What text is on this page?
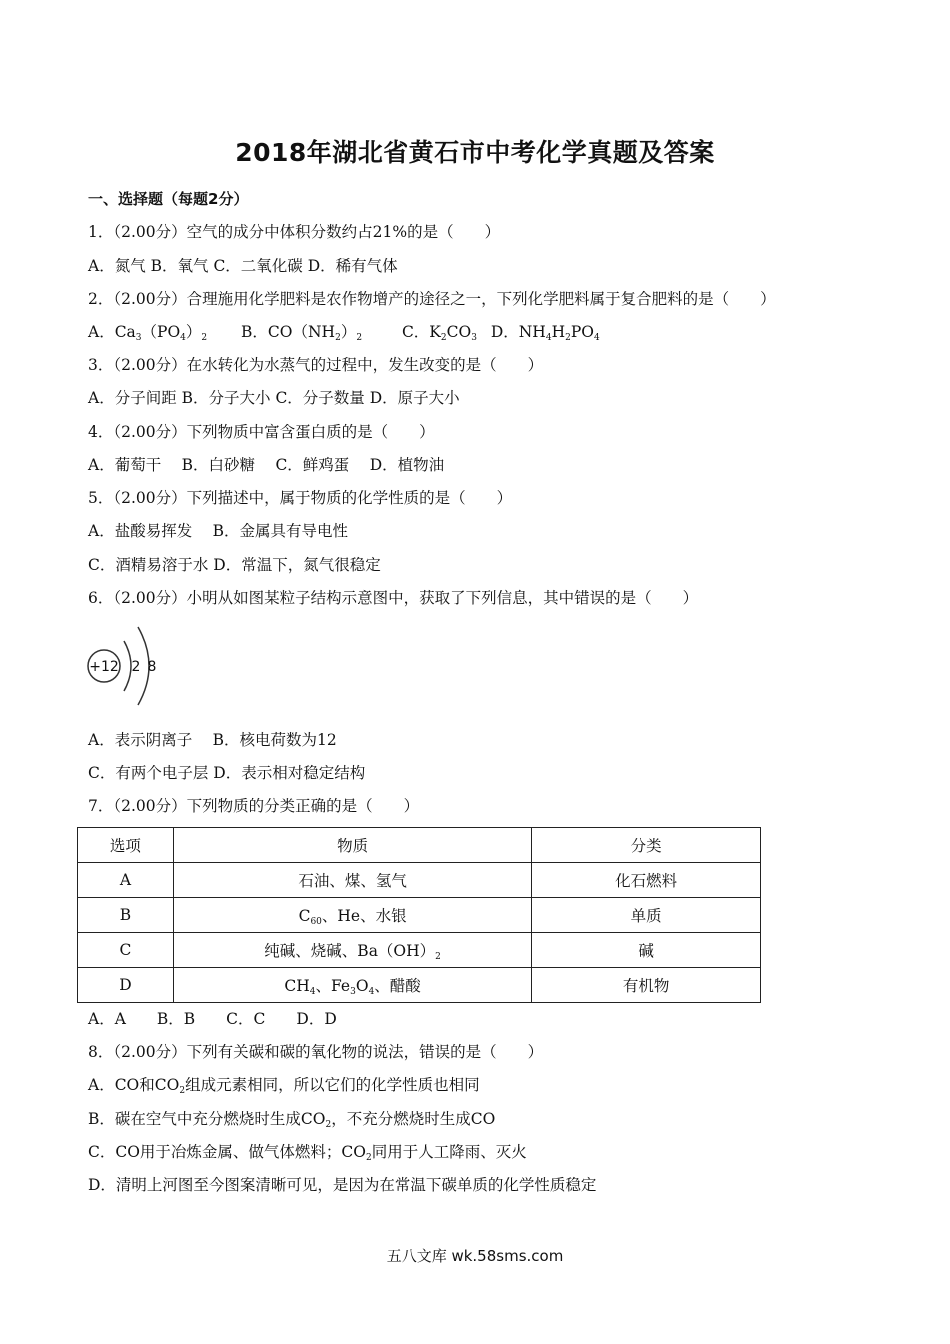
2018年湖北省黄石市中考化学真题及答案
一、选择题（每题2分）
1．（2.00分）空气的成分中体积分数约占21%的是（　　）
A．氮气 B．氧气 C．二氧化碳 D．稀有气体
2．（2.00分）合理施用化学肥料是农作物增产的途径之一，下列化学肥料属于复合肥料的是（　　）
A．$Ca_3(PO_4)_2$ B．$CO(NH_2)_2$	C．$K_2CO_3$ D．$NH_4H_2PO_4$
3．（2.00分）在水转化为水蒸气的过程中，发生改变的是（　　）
A．分子间距 B．分子大小 C．分子数量 D．原子大小
4．（2.00分）下列物质中富含蛋白质的是（　　）
A．葡萄干　 B．白砂糖　 C．鲜鸡蛋　 D．植物油
5．（2.00分）下列描述中，属于物质的化学性质的是（　　）
A．盐酸易挥发　 B．金属具有导电性
C．酒精易溶于水 D．常温下，氮气很稳定
6．（2.00分）小明从如图某粒子结构示意图中，获取了下列信息，其中错误的是（　　）
+12 2 8
A．表示阴离子　 B．核电荷数为12
C．有两个电子层 D．表示相对稳定结构
7．（2.00分）下列物质的分类正确的是（　　）
选项	物质	分类
A	石油、煤、氢气	化石燃料
B	$C_{60}$、He、水银	单质
C	纯碱、烧碱、$Ba(OH)_2$	碱
D	$CH_4$、$Fe_3O_4$、醋酸	有机物
A．A　　B．B　　C．C　　D．D
8．（2.00分）下列有关碳和碳的氧化物的说法，错误的是（　　）
A．CO和$CO_2$组成元素相同，所以它们的化学性质也相同
B．碳在空气中充分燃烧时生成$CO_2$，不充分燃烧时生成CO
C．CO用于冶炼金属、做气体燃料；$CO_2$同用于人工降雨、灭火
D．清明上河图至今图案清晰可见，是因为在常温下碳单质的化学性质稳定
五八文库 wk.58sms.com
